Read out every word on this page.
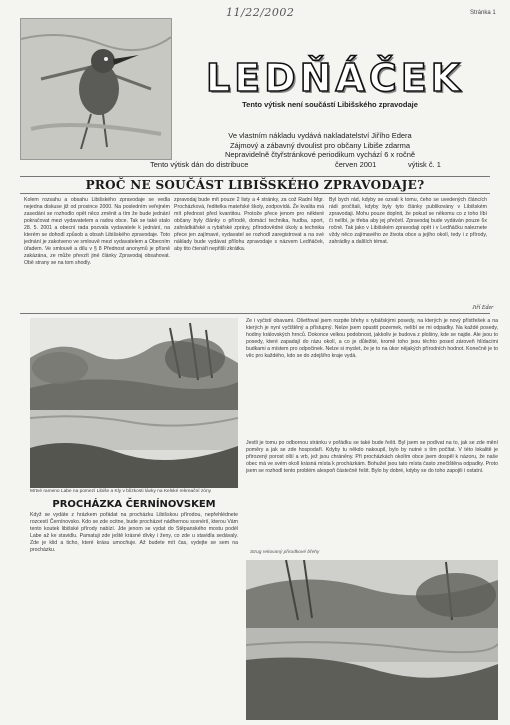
11/22/2002	Stránka 1
LEDŇÁČEK
Tento výtisk není součástí Libišského zpravodaje
Ve vlastním nákladu vydává nakladatelství Jiřího Edera
Zájmový a zábavný dvoulist pro občany Libiše zdarma
Nepravidelně čtyřstránkové periodikum vychází 6 x ročně
Tento výtisk dán do distribuce	červen 2001	výtisk č. 1
PROČ NE SOUČÁST LIBIŠSKÉHO ZPRAVODAJE?
Kolem rozsahu a obsahu Libišského zpravodaje se vedla nejedna diskuse již od prosince 2000. Na posledním veřejném zasedání se rozhodlo opět něco změnit a tím že bude jednání pokračovat mezi vydavatelem a radou obce. Tak se také stalo 28. 5. 2001 a obecní rada pozvala vydavatele k jednání, na kterém se dohodl způsob a obsah Libišského zpravodaje. Toto jednání je zakotveno ve smlouvě mezi vydavatelem a Obecním úřadem. Ve smlouvě a dílu v § 8 Přednost anonymů je přísně zakázána, ze může převzít jiné články Zpravodaj obsahovat. Obě strany se na tom shodly.
zpravodaj bude mít pouze 2 listy a 4 stránky, za což Radní Mgr. Procházková, ředitelka mateřské školy, zodpovídá. Že kvalita má mít přednost před kvantitou. Protože přece jenom pro některé občany byly články o přírodě, domácí technika, hudba, sport, zahrádkářské a rybářské zprávy, přírodovědné úkoly a technika přece jen zajímavé, vydavatel se rozhodl zaregistrovat a na své náklady bude vydávat přílohu zpravodaje s názvem Ledňáček, aby tito čtenáři nepřišli zkrátka.
Byl bych rád, kdyby se ozvali k tomu, čeho se uvedených článcích rádi pročítali, kdyby byly tyto články publikovány v Libišském zpravodaji. Mohu pouze doplnit, že pokud se někomu co z toho líbí či nelíbí, je třeba aby jej přečetl. Zpravodaj bude vydáván pouze 6x ročně. Tak jako v Libišském zpravodaji opět i v Ledňáčku naleznete vždy něco zajímavého ze života obce a jejího okolí, tedy i z přírody, zahrádky a dalších témat.
Jiří Eder
Mrtvé rameno Labe na pomezí Libiše a Kly v blízkosti lávky na Kelské rekreační zóny
PROCHÁZKA ČERNÍNOVSKEM
Když se vydáte z hrázkem pořádat na procházku Libišskou přírodou, nepřehlédnete rozcestí Černínovsko. Kdo se zde ocitne, bude procházet nádhernou scenérií, kterou Vám tento koutek libišské přírody nabízí. Jde jenom se vydat do Stěpanského mostu podél Labe až ke stavidlu. Pamatuji zde ještě krásné dívky i ženy, co zde u stavidla sedávaly. Zde je klid a ticho, které krásu umocňuje. Až budete mít čas, vydejte se sem na procházku.
Ze i vyčistí obavami. Ošetřoval jsem rozpite břehy s rybářskými posedy, na kterých je nový přístřešek a na kterých je nyní vyčištěný a přístupný. Nelze jsem opustit pozemek, nelíbí se mi odpadky. Na každé posedy, hodiny královských hrnců. Dokonce velkou podobnost, jakkoliv je budova z plošiny, kde se najde. Ale jsou to posedy, které zapadají do rázu okolí, a co je důležité, kromě toho jsou těchto posed zároveň hlídacími budkami a místem pro odpočinek. Nelze si myslet, že je to na úkor nějakých přírodních hodnot. Konečně je to věc pro každého, kdo se do zdejšího kraje vydá.
Jestli je tomu po odbornou stránku v pořádku se také bude řešit. Byl jsem se podívat na to, jak se zde mění poměry a jak se zde hospodaří. Kdyby tu někdo nakoupil, bylo by nutné s tím počítat. V této lokalitě je přirozený porost olší a vrb, jež jsou chráněny. Při procházkách okolím obce jsem dospěl k názoru, že naše obec má ve svém okolí krásná místa k procházkám. Bohužel jsou tato místa často znečištěna odpadky. Proto jsem se rozhodl tento problém alespoň částečně řešit. Bylo by dobré, kdyby se do toho zapojili i ostatní.
Strug rekovaný přirodkové břehy
